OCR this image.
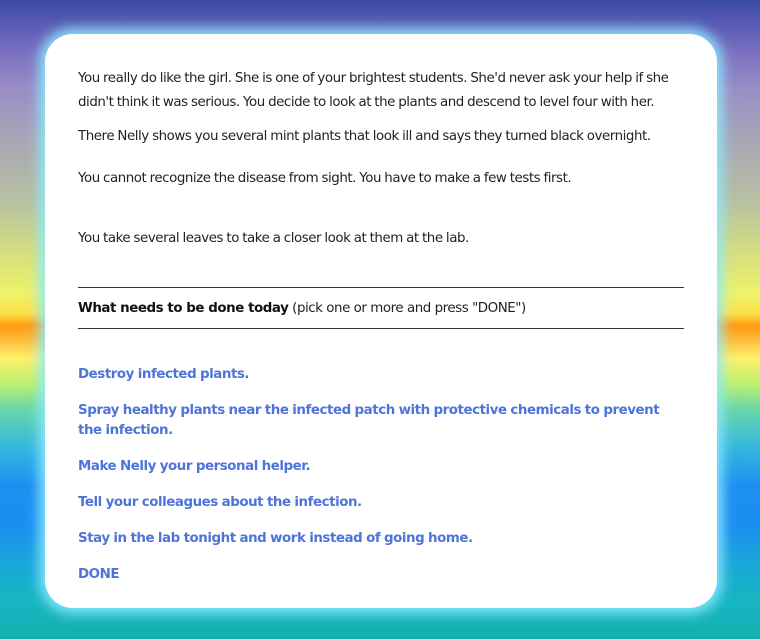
You really do like the girl. She is one of your brightest students. She'd never ask your help if she didn't think it was serious. You decide to look at the plants and descend to level four with her.

There Nelly shows you several mint plants that look ill and says they turned black overnight.

You cannot recognize the disease from sight. You have to make a few tests first.

You take several leaves to take a closer look at them at the lab.

What needs to be done today (pick one or more and press "DONE")

Destroy infected plants.
Spray healthy plants near the infected patch with protective chemicals to prevent the infection.
Make Nelly your personal helper.
Tell your colleagues about the infection.
Stay in the lab tonight and work instead of going home.
DONE
